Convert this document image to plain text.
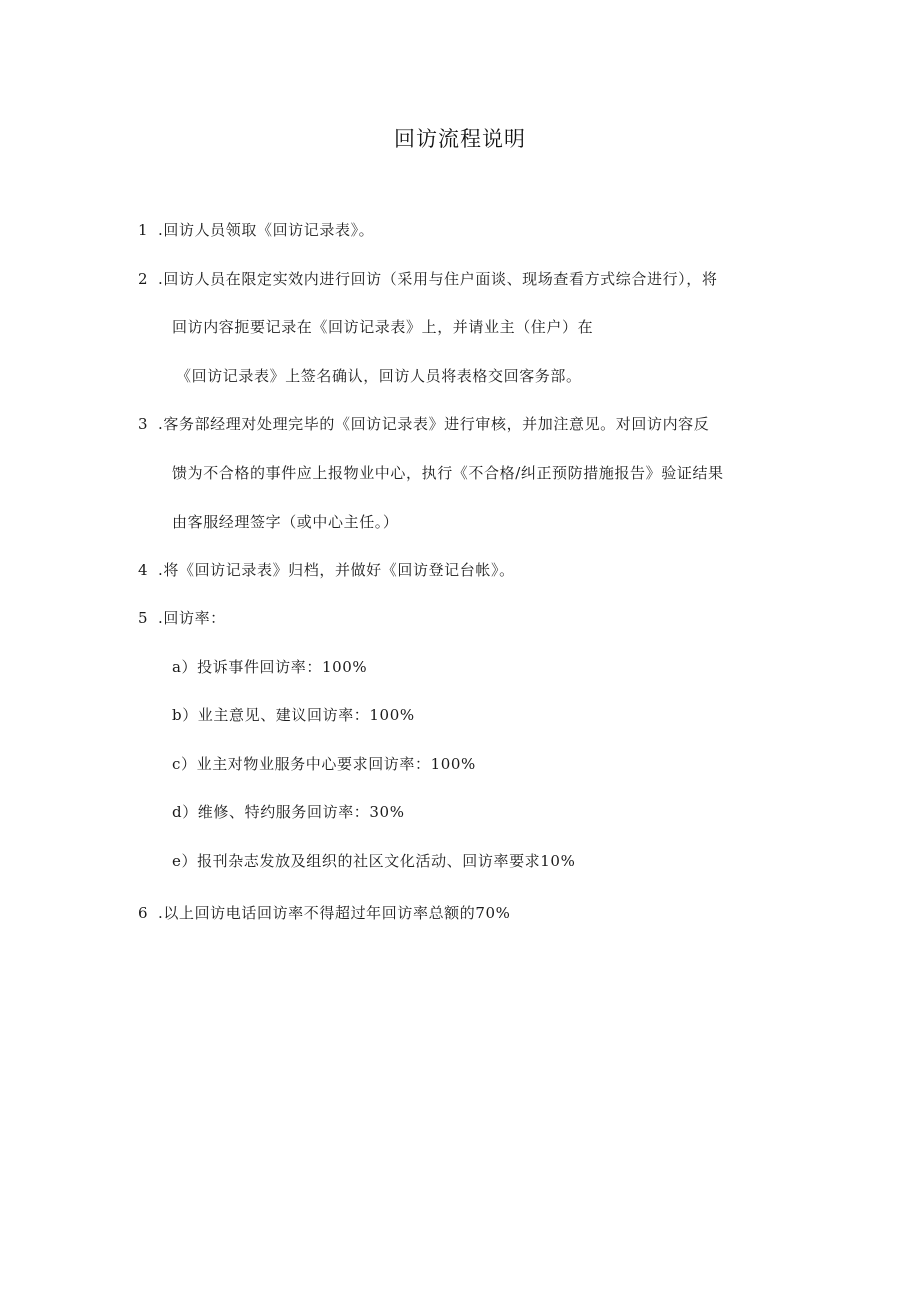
回访流程说明
1 .回访人员领取《回访记录表》。
2 .回访人员在限定实效内进行回访（采用与住户面谈、现场查看方式综合进行），将
回访内容扼要记录在《回访记录表》上，并请业主（住户）在
《回访记录表》上签名确认，回访人员将表格交回客务部。
3 .客务部经理对处理完毕的《回访记录表》进行审核，并加注意见。对回访内容反
馈为不合格的事件应上报物业中心，执行《不合格/纠正预防措施报告》验证结果
由客服经理签字（或中心主任。）
4 .将《回访记录表》归档，并做好《回访登记台帐》。
5 .回访率：
a）投诉事件回访率：100%
b）业主意见、建议回访率：100%
c）业主对物业服务中心要求回访率：100%
d）维修、特约服务回访率：30%
e）报刊杂志发放及组织的社区文化活动、回访率要求10%
6 .以上回访电话回访率不得超过年回访率总额的70%
